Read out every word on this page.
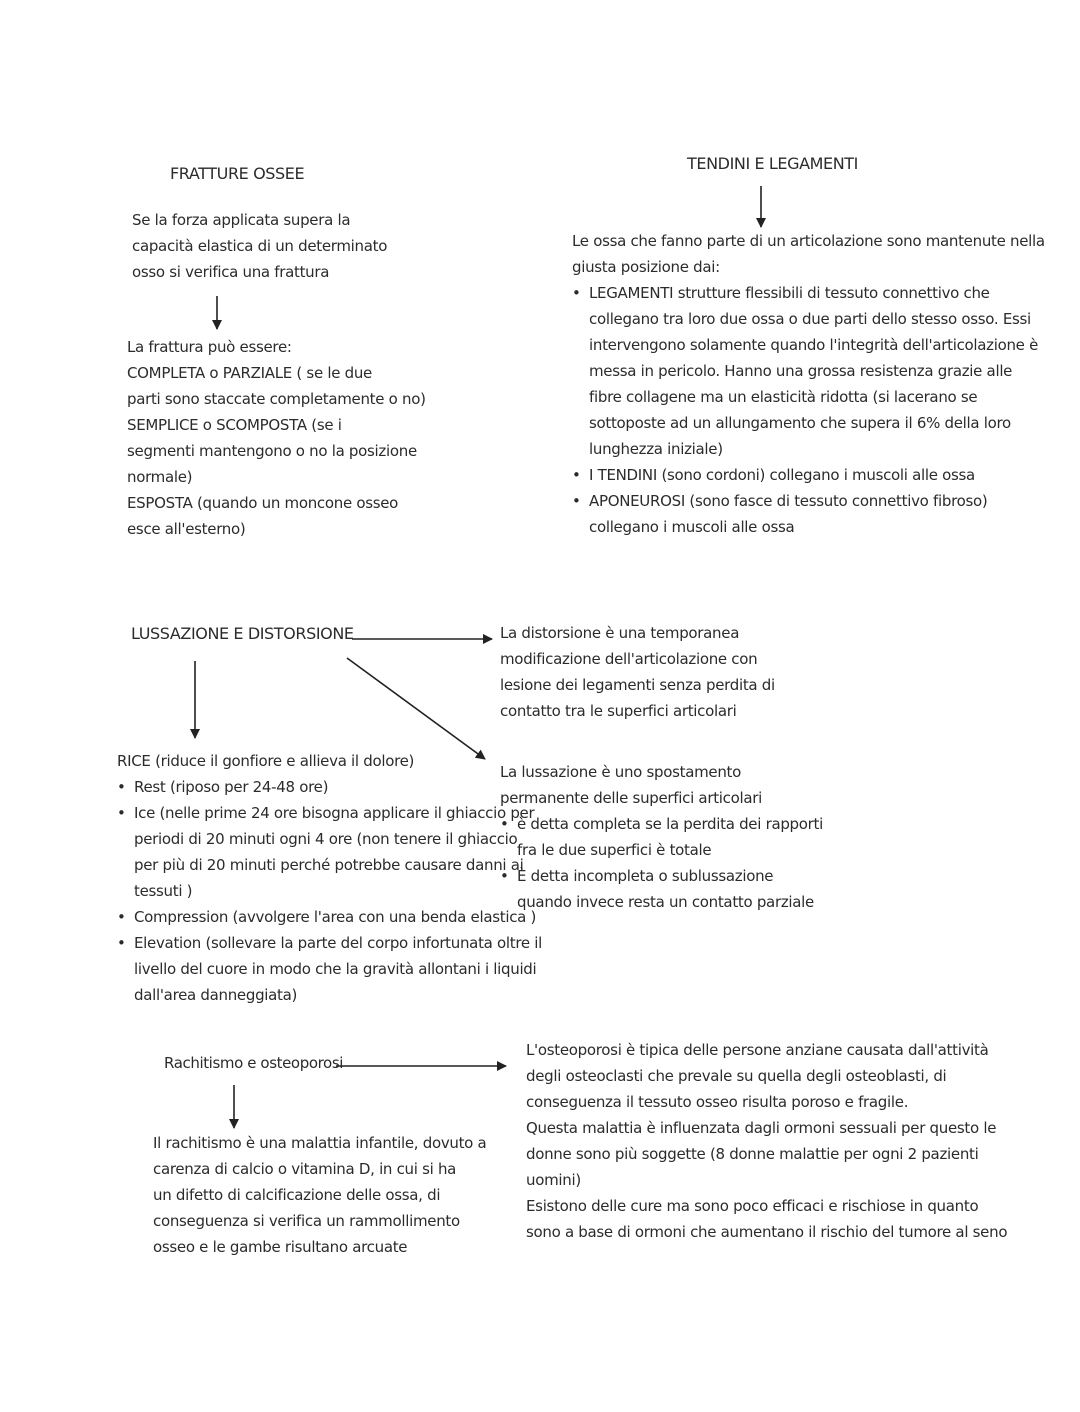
FRATTURE OSSEE
Se la forza applicata supera la
capacità elastica di un determinato
osso si verifica una frattura
La frattura può essere:
COMPLETA o PARZIALE ( se le due
parti sono staccate completamente o no)
SEMPLICE o SCOMPOSTA (se i
segmenti mantengono o no la posizione
normale)
ESPOSTA (quando un moncone osseo
esce all'esterno)
TENDINI E LEGAMENTI
Le ossa che fanno parte di un articolazione sono mantenute nella
giusta posizione dai:
• LEGAMENTI strutture flessibili di tessuto connettivo che
collegano tra loro due ossa o due parti dello stesso osso. Essi
intervengono solamente quando l'integrità dell'articolazione è
messa in pericolo. Hanno una grossa resistenza grazie alle
fibre collagene ma un elasticità ridotta (si lacerano se
sottoposte ad un allungamento che supera il 6% della loro
lunghezza iniziale)
• I TENDINI (sono cordoni) collegano i muscoli alle ossa
• APONEUROSI (sono fasce di tessuto connettivo fibroso)
collegano i muscoli alle ossa
LUSSAZIONE E DISTORSIONE	La distorsione è una temporanea
modificazione dell'articolazione con
lesione dei legamenti senza perdita di
contatto tra le superfici articolari
La lussazione è uno spostamento
permanente delle superfici articolari
• è detta completa se la perdita dei rapporti
fra le due superfici è totale
• È detta incompleta o sublussazione
quando invece resta un contatto parziale
RICE (riduce il gonfiore e allieva il dolore)
• Rest (riposo per 24-48 ore)
• Ice (nelle prime 24 ore bisogna applicare il ghiaccio per
periodi di 20 minuti ogni 4 ore (non tenere il ghiaccio
per più di 20 minuti perché potrebbe causare danni ai
tessuti )
• Compression (avvolgere l'area con una benda elastica )
• Elevation (sollevare la parte del corpo infortunata oltre il
livello del cuore in modo che la gravità allontani i liquidi
dall'area danneggiata)
Rachitismo e osteoporosi
Il rachitismo è una malattia infantile, dovuto a
carenza di calcio o vitamina D, in cui si ha
un difetto di calcificazione delle ossa, di
conseguenza si verifica un rammollimento
osseo e le gambe risultano arcuate
L'osteoporosi è tipica delle persone anziane causata dall'attività
degli osteoclasti che prevale su quella degli osteoblasti, di
conseguenza il tessuto osseo risulta poroso e fragile.
Questa malattia è influenzata dagli ormoni sessuali per questo le
donne sono più soggette (8 donne malattie per ogni 2 pazienti
uomini)
Esistono delle cure ma sono poco efficaci e rischiose in quanto
sono a base di ormoni che aumentano il rischio del tumore al seno
